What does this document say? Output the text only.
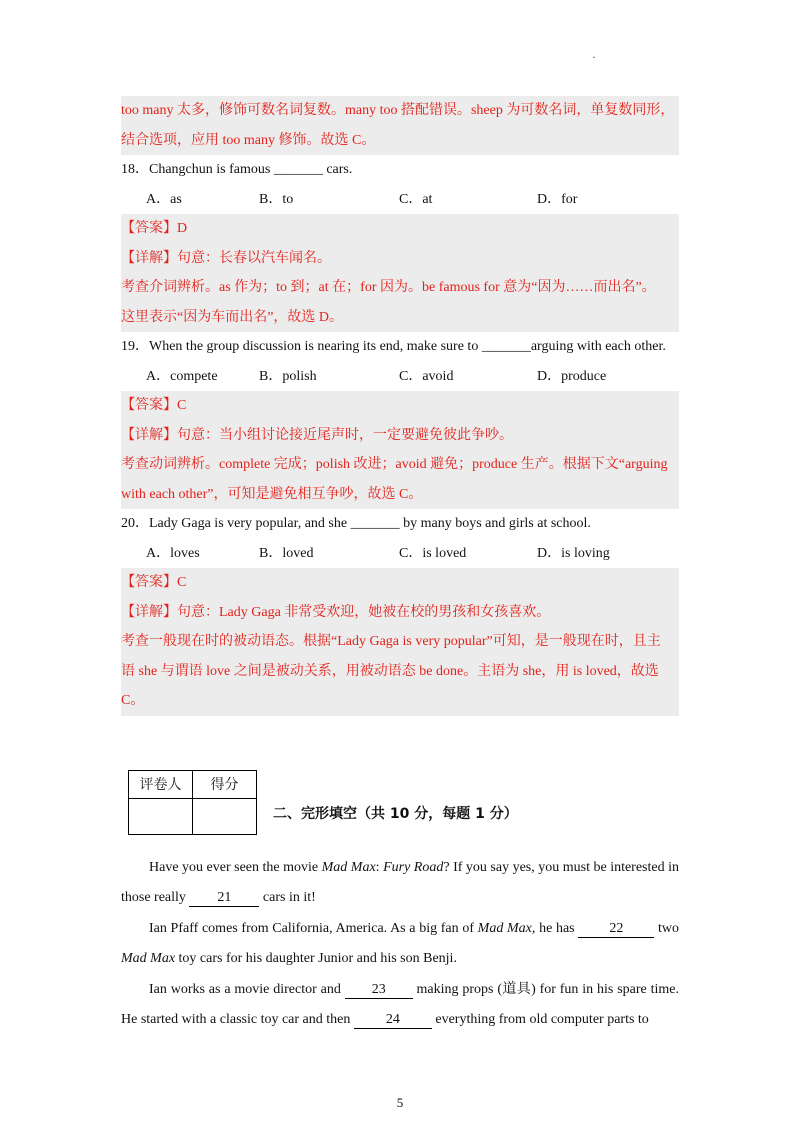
·
too many 太多，修饰可数名词复数。many too 搭配错误。sheep 为可数名词，单复数同形，
结合选项，应用 too many 修饰。故选 C。
18．Changchun is famous _______ cars.
A．as	B．to	C．at	D．for
【答案】D
【详解】句意：长春以汽车闻名。
考查介词辨析。as 作为；to 到；at 在；for 因为。be famous for 意为“因为……而出名”。
这里表示“因为车而出名”，故选 D。
19．When the group discussion is nearing its end, make sure to _______arguing with each other.
A．compete	B．polish	C．avoid	D．produce
【答案】C
【详解】句意：当小组讨论接近尾声时，一定要避免彼此争吵。
考查动词辨析。complete 完成；polish 改进；avoid 避免；produce 生产。根据下文“arguing
with each other”，可知是避免相互争吵，故选 C。
20．Lady Gaga is very popular, and she _______ by many boys and girls at school.
A．loves	B．loved	C．is loved	D．is loving
【答案】C
【详解】句意：Lady Gaga 非常受欢迎，她被在校的男孩和女孩喜欢。
考查一般现在时的被动语态。根据“Lady Gaga is very popular”可知，是一般现在时，且主
语 she 与谓语 love 之间是被动关系，用被动语态 be done。主语为 she，用 is loved，故选
C。
评卷人	得分

二、完形填空（共 10 分，每题 1 分）

Have you ever seen the movie Mad Max: Fury Road? If you say yes, you must be interested in those really 21 cars in it!

Ian Pfaff comes from California, America. As a big fan of Mad Max, he has 22 two Mad Max toy cars for his daughter Junior and his son Benji.

Ian works as a movie director and 23 making props (道具) for fun in his spare time. He started with a classic toy car and then 24 everything from old computer parts to

5
